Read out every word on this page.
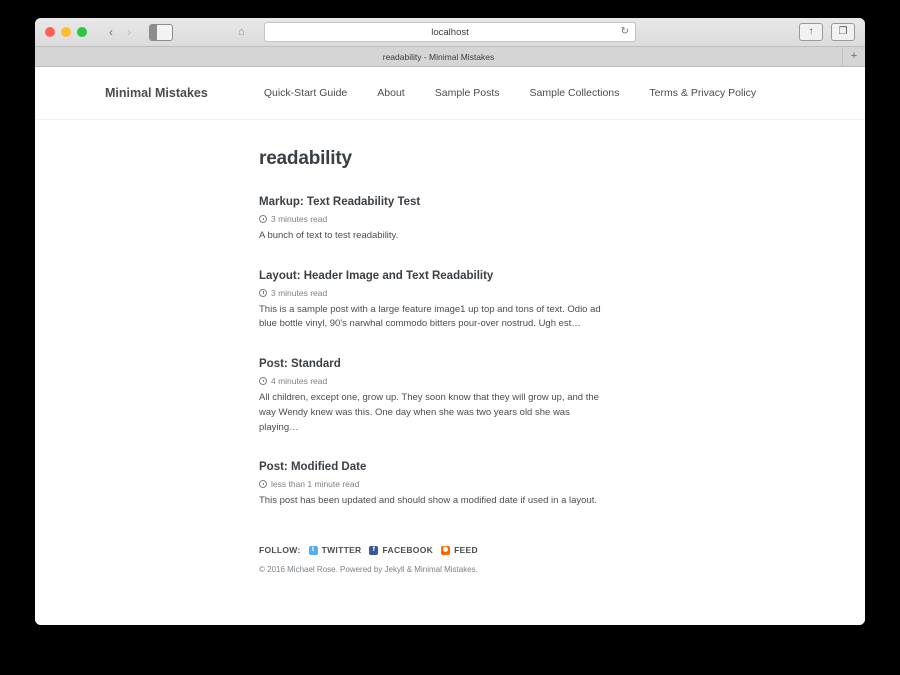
‹	›	⌂	localhost	↻	↑	❐
readability - Minimal Mistakes	+
Minimal Mistakes	Quick-Start Guide	About	Sample Posts	Sample Collections	Terms & Privacy Policy
readability
Markup: Text Readability Test
3 minutes read

A bunch of text to test readability.

Layout: Header Image and Text Readability
3 minutes read

This is a sample post with a large feature image1 up top and tons of text. Odio ad blue bottle vinyl, 90's narwhal commodo bitters pour-over nostrud. Ugh est…

Post: Standard
4 minutes read

All children, except one, grow up. They soon know that they will grow up, and the way Wendy knew was this. One day when she was two years old she was playing…

Post: Modified Date
less than 1 minute read

This post has been updated and should show a modified date if used in a layout.

FOLLOW:	t TWITTER	f FACEBOOK ◉ FEED
© 2016 Michael Rose. Powered by Jekyll & Minimal Mistakes.
